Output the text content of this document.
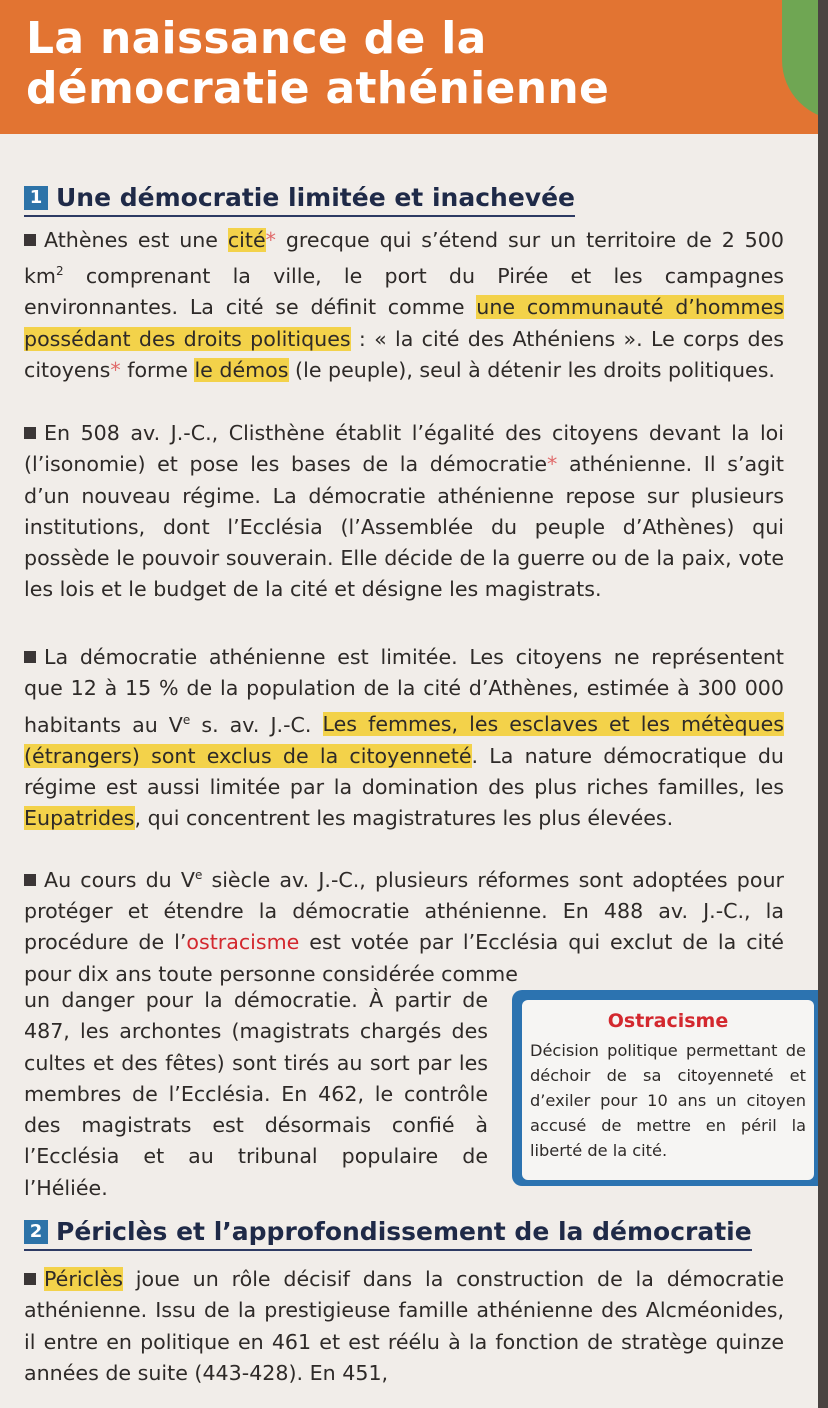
La naissance de la démocratie athénienne
1 Une démocratie limitée et inachevée

Athènes est une cité* grecque qui s’étend sur un territoire de 2 500 $km^2$ comprenant la ville, le port du Pirée et les campagnes environnantes. La cité se définit comme une communauté d’hommes possédant des droits politiques : « la cité des Athéniens ». Le corps des citoyens* forme le démos (le peuple), seul à détenir les droits politiques.

En 508 av. J.-C., Clisthène établit l’égalité des citoyens devant la loi (l’isonomie) et pose les bases de la démocratie* athénienne. Il s’agit d’un nouveau régime. La démocratie athénienne repose sur plusieurs institutions, dont l’Ecclésia (l’Assemblée du peuple d’Athènes) qui possède le pouvoir souverain. Elle décide de la guerre ou de la paix, vote les lois et le budget de la cité et désigne les magistrats.

La démocratie athénienne est limitée. Les citoyens ne représentent que 12 à 15 % de la population de la cité d’Athènes, estimée à 300 000 habitants au Ve s. av. J.-C. Les femmes, les esclaves et les métèques (étrangers) sont exclus de la citoyenneté. La nature démocratique du régime est aussi limitée par la domination des plus riches familles, les Eupatrides, qui concentrent les magistratures les plus élevées.

Au cours du Ve siècle av. J.-C., plusieurs réformes sont adoptées pour protéger et étendre la démocratie athénienne. En 488 av. J.-C., la procédure de l’ostracisme est votée par l’Ecclésia qui exclut de la cité pour dix ans toute personne considérée comme

un danger pour la démocratie. À partir de 487, les archontes (magistrats chargés des cultes et des fêtes) sont tirés au sort par les membres de l’Ecclésia. En 462, le contrôle des magistrats est désormais confié à l’Ecclésia et au tribunal populaire de l’Héliée.

Ostracisme

Décision politique permettant de déchoir de sa citoyenneté et d’exiler pour 10 ans un citoyen accusé de mettre en péril la liberté de la cité.

2 Périclès et l’approfondissement de la démocratie

Périclès joue un rôle décisif dans la construction de la démocratie athénienne. Issu de la prestigieuse famille athénienne des Alcméonides, il entre en politique en 461 et est réélu à la fonction de stratège quinze années de suite (443-428). En 451,
